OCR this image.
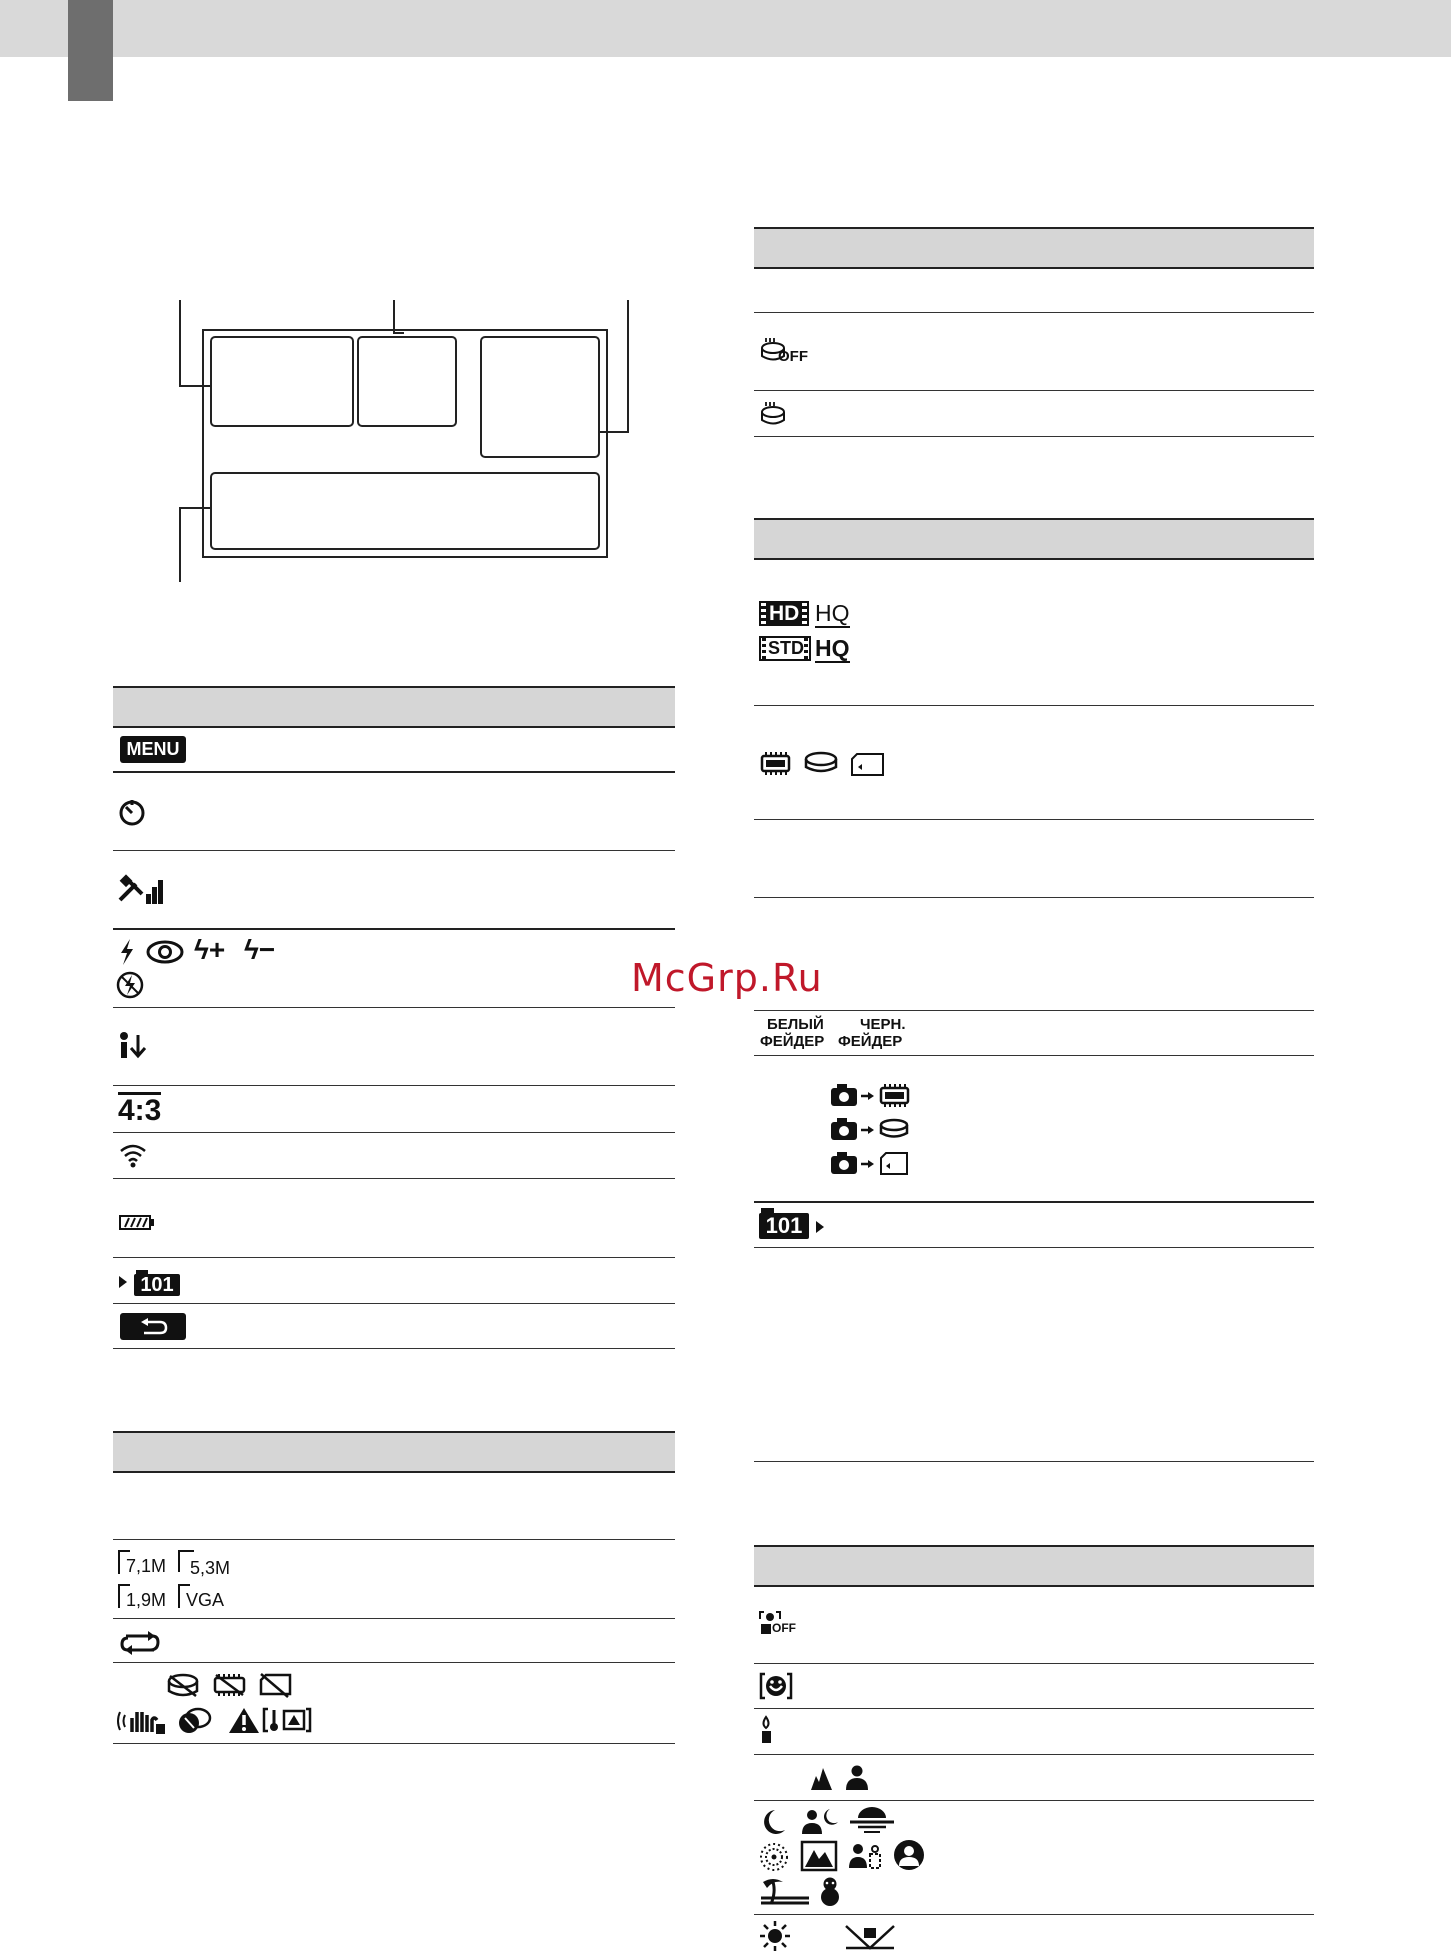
MENU
ϟ+ ϟ−
4:3
101
7,1M 5,3M
1,9M VGA
OFF
HD HQ
STD HQ
McGrp.Ru
БЕЛЫЙ
ФЕЙДЕР
ЧЕРН.
ФЕЙДЕР
101
OFF
